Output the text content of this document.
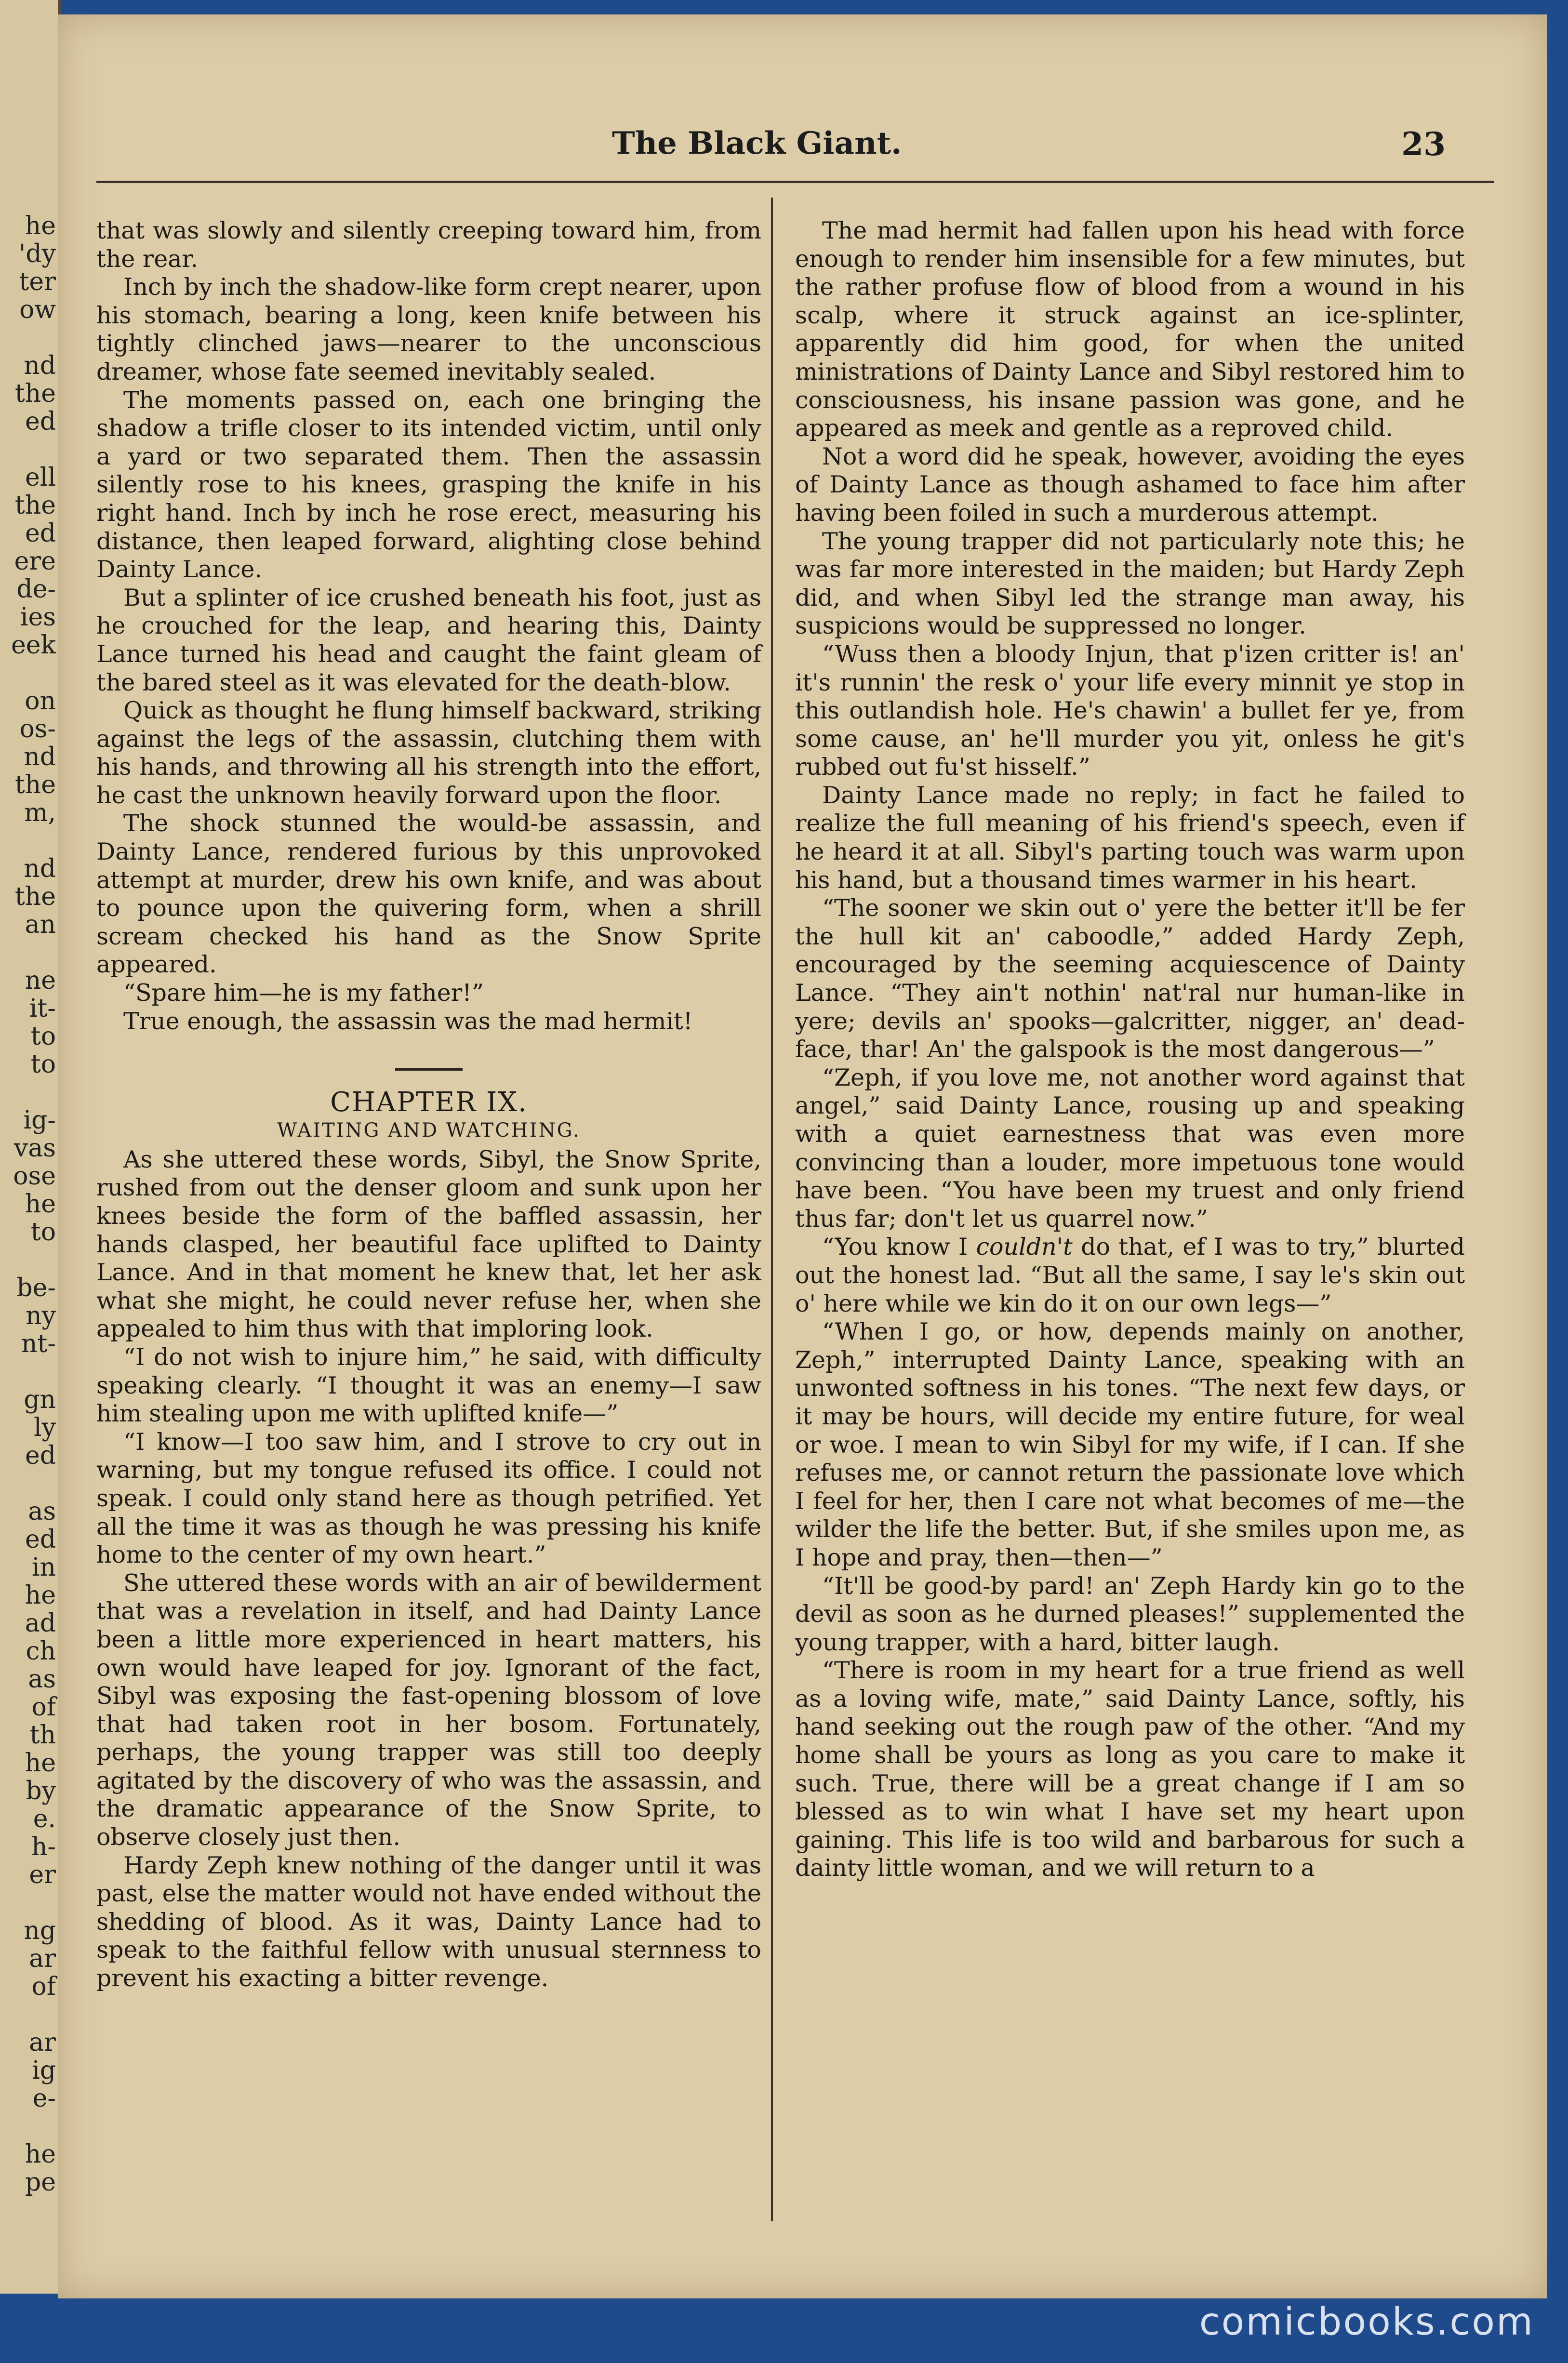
he
'dy
ter
ow
nd
the
ed
ell
the
ed
ere
de-
ies
eek
on
os-
nd
the
m,
nd
the
an
ne
it-
to
to
ig-
vas
ose
he
to
be-
ny
nt-
gn
ly
ed
as
ed
in
he
ad
ch
as
of
th
he
by
e.
h-
er
ng
ar
of
ar
ig
e-
he
pe
The Black Giant.	23

that was slowly and silently creeping toward him, from the rear.

Inch by inch the shadow-like form crept nearer, upon his stomach, bearing a long, keen knife between his tightly clinched jaws—nearer to the unconscious dreamer, whose fate seemed inevitably sealed.

The moments passed on, each one bringing the shadow a trifle closer to its intended victim, until only a yard or two separated them. Then the assassin silently rose to his knees, grasping the knife in his right hand. Inch by inch he rose erect, measuring his distance, then leaped forward, alighting close behind Dainty Lance.

But a splinter of ice crushed beneath his foot, just as he crouched for the leap, and hearing this, Dainty Lance turned his head and caught the faint gleam of the bared steel as it was elevated for the death-blow.

Quick as thought he flung himself backward, striking against the legs of the assassin, clutching them with his hands, and throwing all his strength into the effort, he cast the unknown heavily forward upon the floor.

The shock stunned the would-be assassin, and Dainty Lance, rendered furious by this unprovoked attempt at murder, drew his own knife, and was about to pounce upon the quivering form, when a shrill scream checked his hand as the Snow Sprite appeared.

“Spare him—he is my father!”

True enough, the assassin was the mad hermit!

CHAPTER IX.
WAITING AND WATCHING.

As she uttered these words, Sibyl, the Snow Sprite, rushed from out the denser gloom and sunk upon her knees beside the form of the baffled assassin, her hands clasped, her beautiful face uplifted to Dainty Lance. And in that moment he knew that, let her ask what she might, he could never refuse her, when she appealed to him thus with that imploring look.

“I do not wish to injure him,” he said, with difficulty speaking clearly. “I thought it was an enemy—I saw him stealing upon me with uplifted knife—”

“I know—I too saw him, and I strove to cry out in warning, but my tongue refused its office. I could not speak. I could only stand here as though petrified. Yet all the time it was as though he was pressing his knife home to the center of my own heart.”

She uttered these words with an air of bewilderment that was a revelation in itself, and had Dainty Lance been a little more experienced in heart matters, his own would have leaped for joy. Ignorant of the fact, Sibyl was exposing the fast-opening blossom of love that had taken root in her bosom. Fortunately, perhaps, the young trapper was still too deeply agitated by the discovery of who was the assassin, and the dramatic appearance of the Snow Sprite, to observe closely just then.

Hardy Zeph knew nothing of the danger until it was past, else the matter would not have ended without the shedding of blood. As it was, Dainty Lance had to speak to the faithful fellow with unusual sternness to prevent his exacting a bitter revenge.

The mad hermit had fallen upon his head with force enough to render him insensible for a few minutes, but the rather profuse flow of blood from a wound in his scalp, where it struck against an ice-splinter, apparently did him good, for when the united ministrations of Dainty Lance and Sibyl restored him to consciousness, his insane passion was gone, and he appeared as meek and gentle as a reproved child.

Not a word did he speak, however, avoiding the eyes of Dainty Lance as though ashamed to face him after having been foiled in such a murderous attempt.

The young trapper did not particularly note this; he was far more interested in the maiden; but Hardy Zeph did, and when Sibyl led the strange man away, his suspicions would be suppressed no longer.

“Wuss then a bloody Injun, that p'izen critter is! an' it's runnin' the resk o' your life every minnit ye stop in this outlandish hole. He's chawin' a bullet fer ye, from some cause, an' he'll murder you yit, onless he git's rubbed out fu'st hisself.”

Dainty Lance made no reply; in fact he failed to realize the full meaning of his friend's speech, even if he heard it at all. Sibyl's parting touch was warm upon his hand, but a thousand times warmer in his heart.

“The sooner we skin out o' yere the better it'll be fer the hull kit an' caboodle,” added Hardy Zeph, encouraged by the seeming acquiescence of Dainty Lance. “They ain't nothin' nat'ral nur human-like in yere; devils an' spooks—galcritter, nigger, an' dead-face, thar! An' the galspook is the most dangerous—”

“Zeph, if you love me, not another word against that angel,” said Dainty Lance, rousing up and speaking with a quiet earnestness that was even more convincing than a louder, more impetuous tone would have been. “You have been my truest and only friend thus far; don't let us quarrel now.”

“You know I couldn't do that, ef I was to try,” blurted out the honest lad. “But all the same, I say le's skin out o' here while we kin do it on our own legs—”

“When I go, or how, depends mainly on another, Zeph,” interrupted Dainty Lance, speaking with an unwonted softness in his tones. “The next few days, or it may be hours, will decide my entire future, for weal or woe. I mean to win Sibyl for my wife, if I can. If she refuses me, or cannot return the passionate love which I feel for her, then I care not what becomes of me—the wilder the life the better. But, if she smiles upon me, as I hope and pray, then—then—”

“It'll be good-by pard! an' Zeph Hardy kin go to the devil as soon as he durned pleases!” supplemented the young trapper, with a hard, bitter laugh.

“There is room in my heart for a true friend as well as a loving wife, mate,” said Dainty Lance, softly, his hand seeking out the rough paw of the other. “And my home shall be yours as long as you care to make it such. True, there will be a great change if I am so blessed as to win what I have set my heart upon gaining. This life is too wild and barbarous for such a dainty little woman, and we will return to a

comicbooks.com
